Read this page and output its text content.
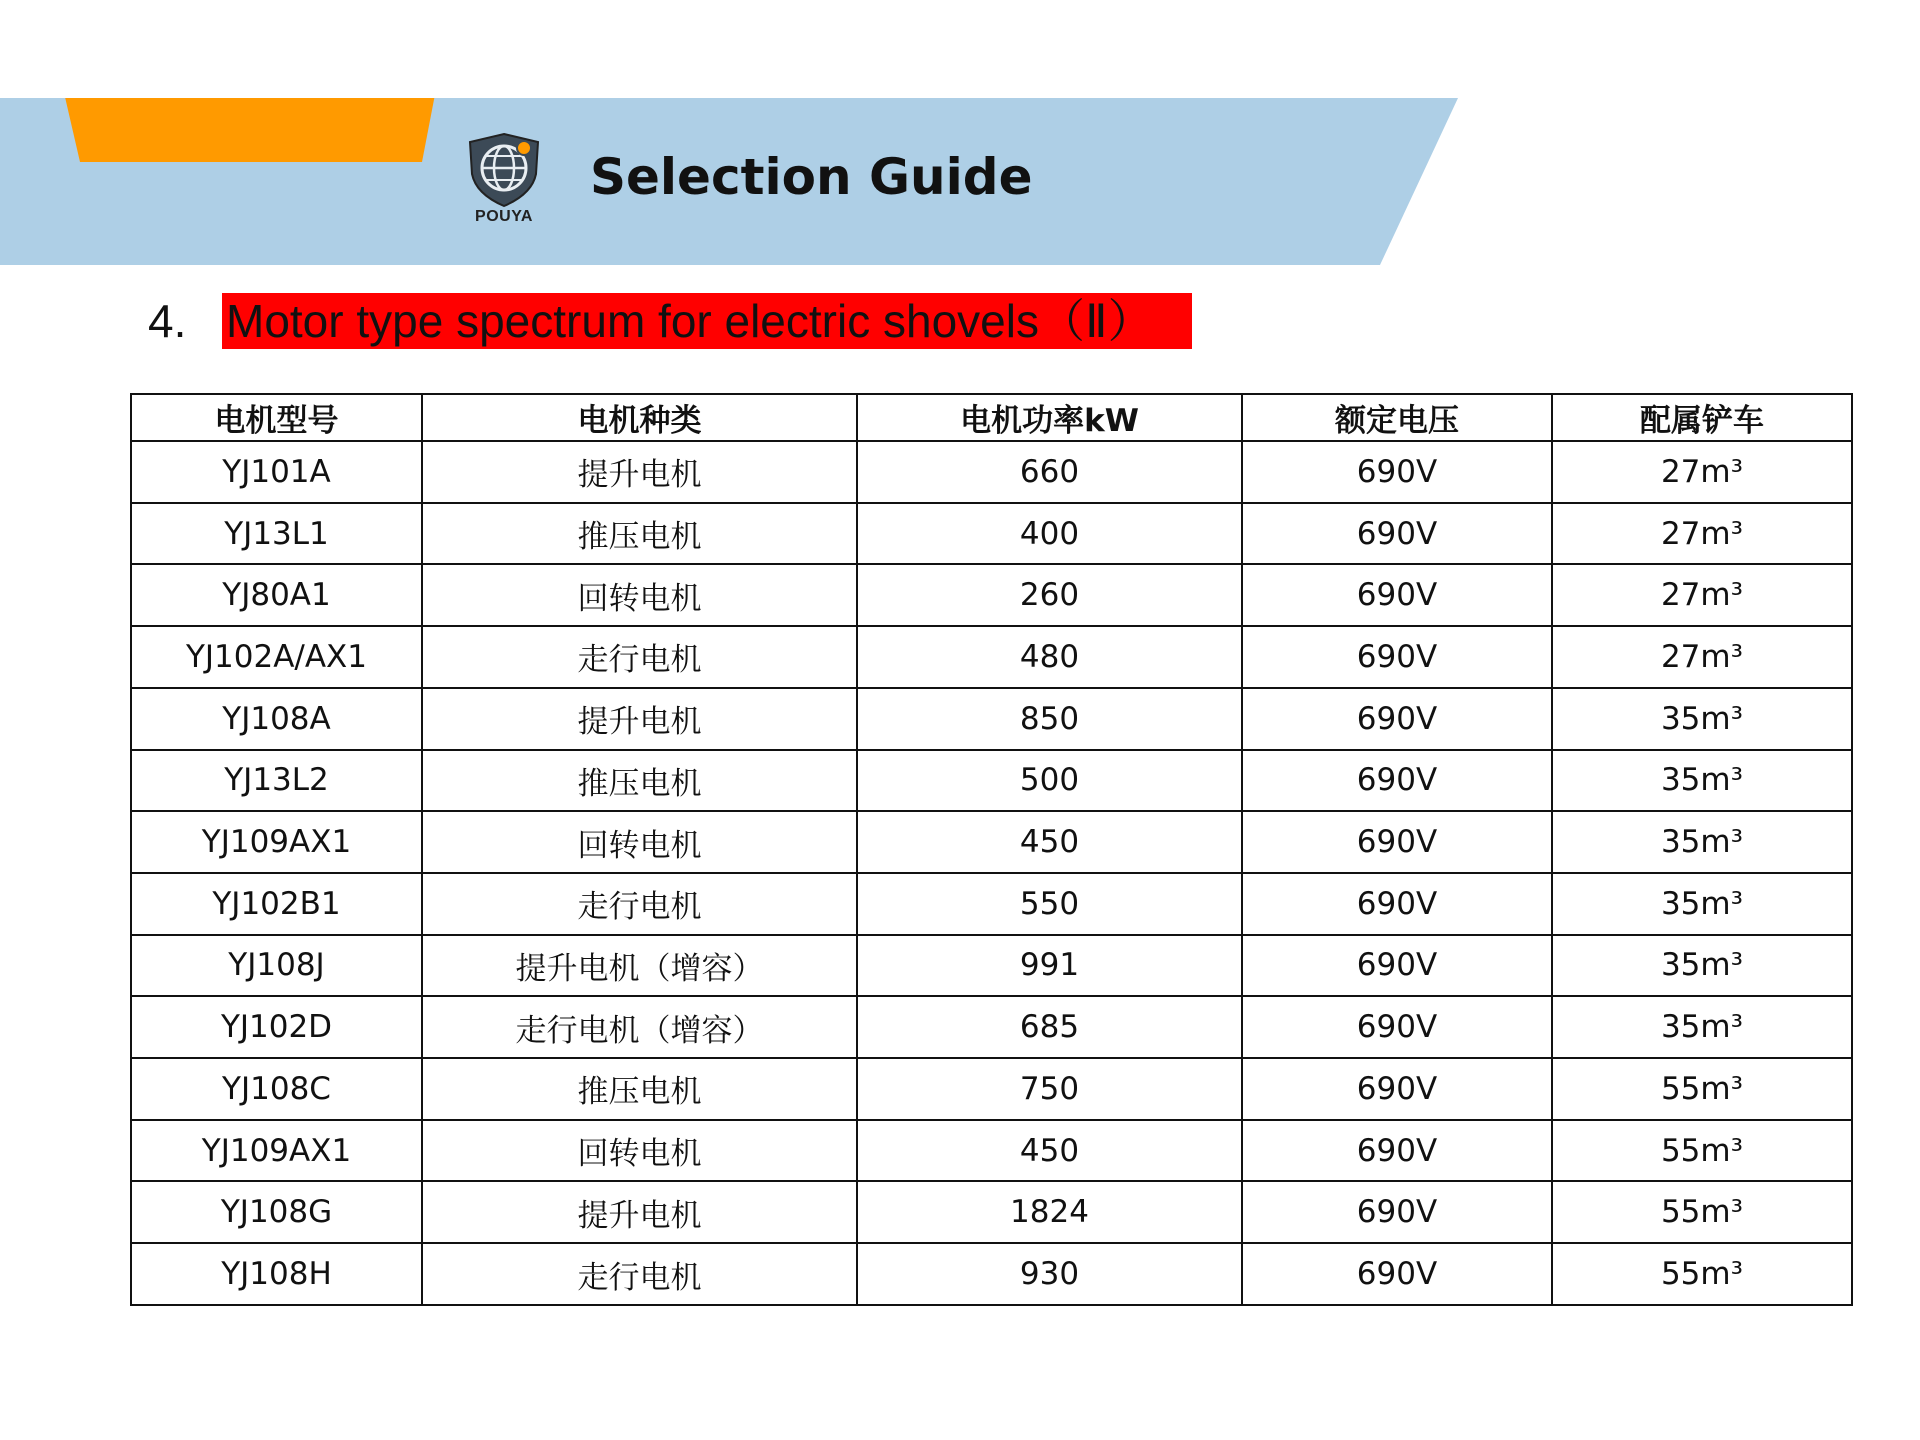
POUYA
Selection Guide
4. Motor type spectrum for electric shovels（Ⅱ）
电机型号	电机种类	电机功率kW	额定电压	配属铲车
YJ101A	提升电机	660	690V	27m³
YJ13L1	推压电机	400	690V	27m³
YJ80A1	回转电机	260	690V	27m³
YJ102A/AX1	走行电机	480	690V	27m³
YJ108A	提升电机	850	690V	35m³
YJ13L2	推压电机	500	690V	35m³
YJ109AX1	回转电机	450	690V	35m³
YJ102B1	走行电机	550	690V	35m³
YJ108J	提升电机（增容）	991	690V	35m³
YJ102D	走行电机（增容）	685	690V	35m³
YJ108C	推压电机	750	690V	55m³
YJ109AX1	回转电机	450	690V	55m³
YJ108G	提升电机	1824	690V	55m³
YJ108H	走行电机	930	690V	55m³
